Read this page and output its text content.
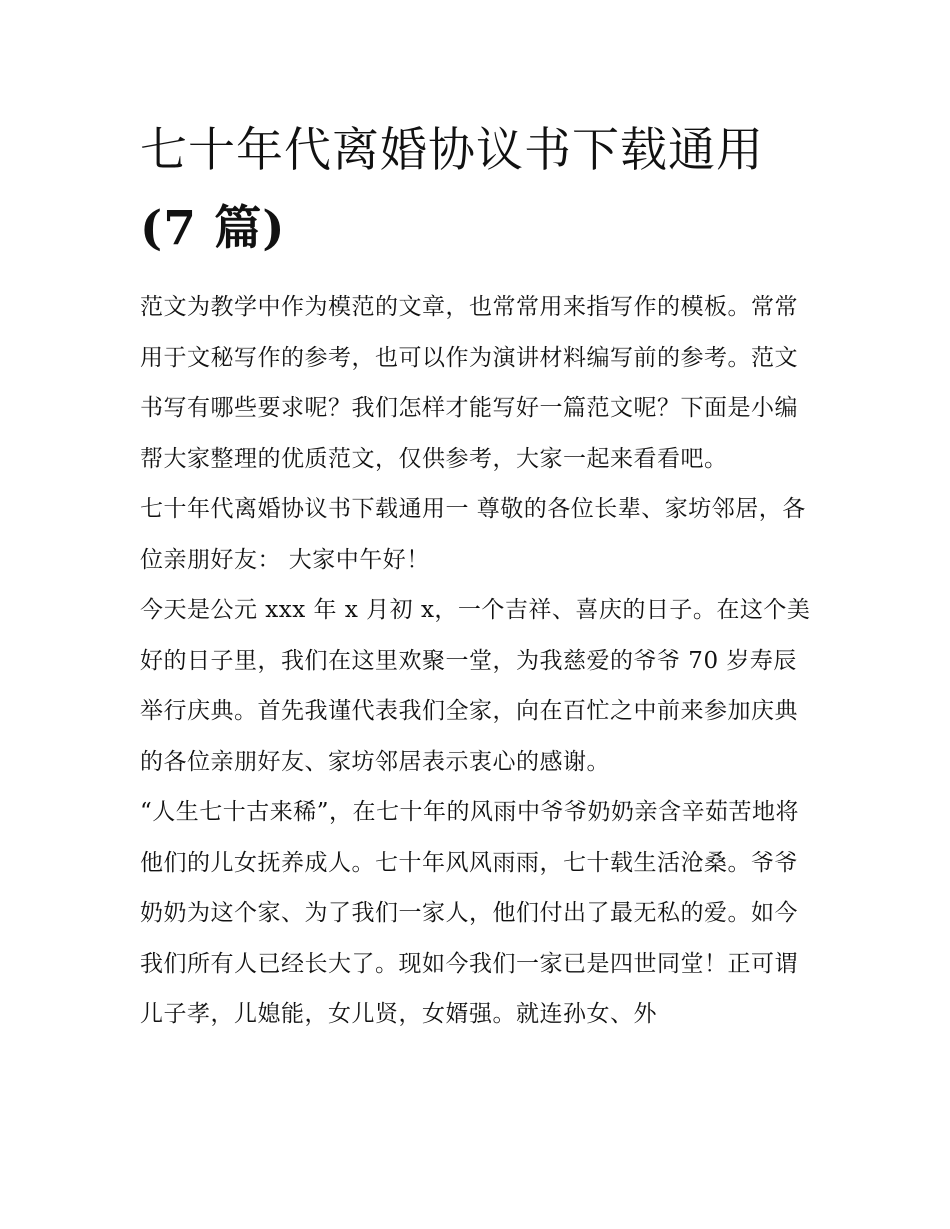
七十年代离婚协议书下载通用
(7 篇)

范文为教学中作为模范的文章，也常常用来指写作的模板。常常用于文秘写作的参考，也可以作为演讲材料编写前的参考。范文书写有哪些要求呢？我们怎样才能写好一篇范文呢？下面是小编帮大家整理的优质范文，仅供参考，大家一起来看看吧。

七十年代离婚协议书下载通用一 尊敬的各位长辈、家坊邻居，各位亲朋好友： 大家中午好！

今天是公元 xxx 年 x 月初 x，一个吉祥、喜庆的日子。在这个美好的日子里，我们在这里欢聚一堂，为我慈爱的爷爷 70 岁寿辰举行庆典。首先我谨代表我们全家，向在百忙之中前来参加庆典的各位亲朋好友、家坊邻居表示衷心的感谢。

“人生七十古来稀”，在七十年的风雨中爷爷奶奶亲含辛茹苦地将他们的儿女抚养成人。七十年风风雨雨，七十载生活沧桑。爷爷奶奶为这个家、为了我们一家人，他们付出了最无私的爱。如今我们所有人已经长大了。现如今我们一家已是四世同堂！正可谓儿子孝，儿媳能，女儿贤，女婿强。就连孙女、外
